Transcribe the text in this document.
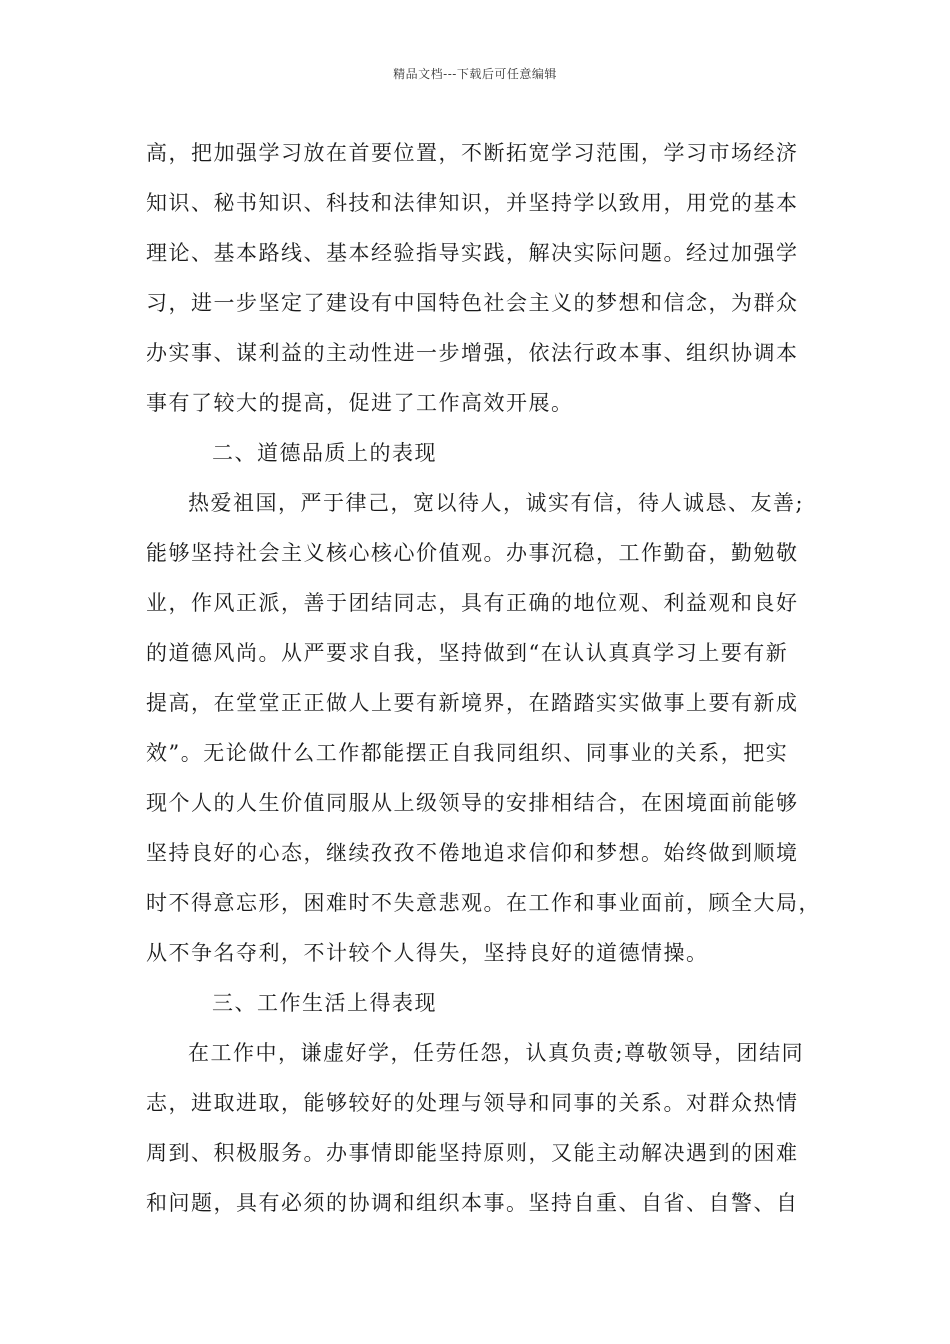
精品文档---下载后可任意编辑
高，把加强学习放在首要位置，不断拓宽学习范围，学习市场经济
知识、秘书知识、科技和法律知识，并坚持学以致用，用党的基本
理论、基本路线、基本经验指导实践，解决实际问题。经过加强学
习，进一步坚定了建设有中国特色社会主义的梦想和信念，为群众
办实事、谋利益的主动性进一步增强，依法行政本事、组织协调本
事有了较大的提高，促进了工作高效开展。
二、道德品质上的表现
热爱祖国，严于律己，宽以待人，诚实有信，待人诚恳、友善;
能够坚持社会主义核心核心价值观。办事沉稳，工作勤奋，勤勉敬
业，作风正派，善于团结同志，具有正确的地位观、利益观和良好
的道德风尚。从严要求自我，坚持做到“在认认真真学习上要有新
提高，在堂堂正正做人上要有新境界，在踏踏实实做事上要有新成
效”。无论做什么工作都能摆正自我同组织、同事业的关系，把实
现个人的人生价值同服从上级领导的安排相结合，在困境面前能够
坚持良好的心态，继续孜孜不倦地追求信仰和梦想。始终做到顺境
时不得意忘形，困难时不失意悲观。在工作和事业面前，顾全大局，
从不争名夺利，不计较个人得失，坚持良好的道德情操。
三、工作生活上得表现
在工作中，谦虚好学，任劳任怨，认真负责;尊敬领导，团结同
志，进取进取，能够较好的处理与领导和同事的关系。对群众热情
周到、积极服务。办事情即能坚持原则，又能主动解决遇到的困难
和问题，具有必须的协调和组织本事。坚持自重、自省、自警、自
